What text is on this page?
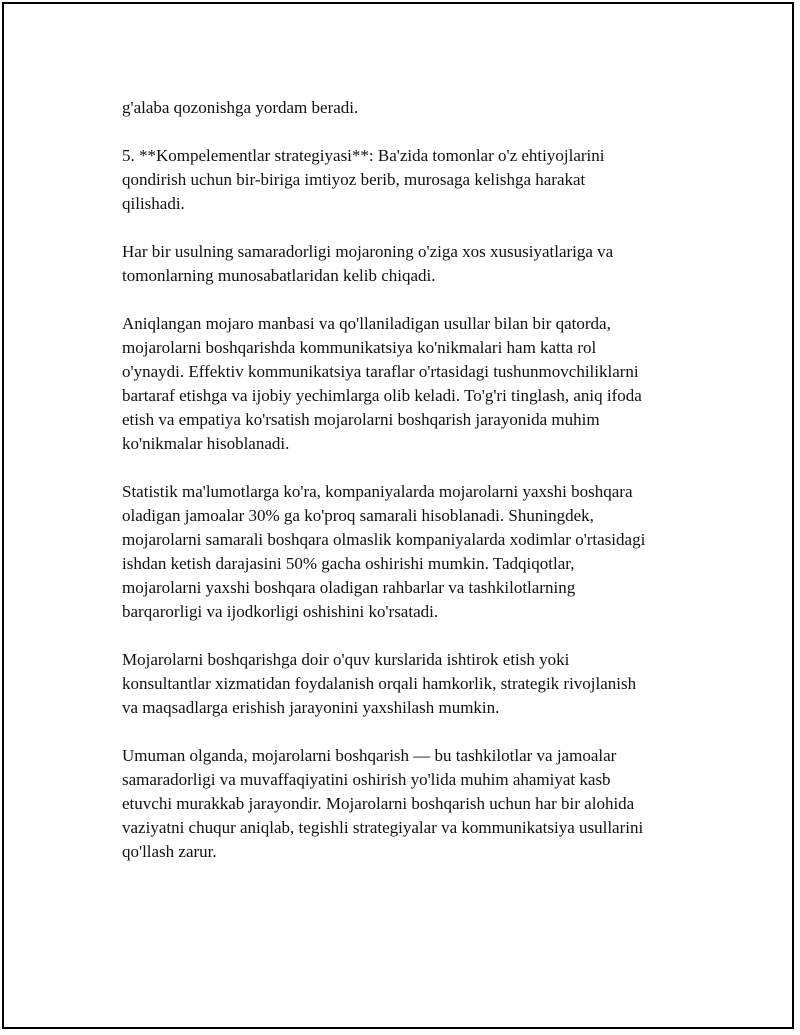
g'alaba qozonishga yordam beradi.

5. **Kompelementlar strategiyasi**: Ba'zida tomonlar o'z ehtiyojlarini
qondirish uchun bir-biriga imtiyoz berib, murosaga kelishga harakat
qilishadi.

Har bir usulning samaradorligi mojaroning o'ziga xos xususiyatlariga va
tomonlarning munosabatlaridan kelib chiqadi.

Aniqlangan mojaro manbasi va qo'llaniladigan usullar bilan bir qatorda,
mojarolarni boshqarishda kommunikatsiya ko'nikmalari ham katta rol
o'ynaydi. Effektiv kommunikatsiya taraflar o'rtasidagi tushunmovchiliklarni
bartaraf etishga va ijobiy yechimlarga olib keladi. To'g'ri tinglash, aniq ifoda
etish va empatiya ko'rsatish mojarolarni boshqarish jarayonida muhim
ko'nikmalar hisoblanadi.

Statistik ma'lumotlarga ko'ra, kompaniyalarda mojarolarni yaxshi boshqara
oladigan jamoalar 30% ga ko'proq samarali hisoblanadi. Shuningdek,
mojarolarni samarali boshqara olmaslik kompaniyalarda xodimlar o'rtasidagi
ishdan ketish darajasini 50% gacha oshirishi mumkin. Tadqiqotlar,
mojarolarni yaxshi boshqara oladigan rahbarlar va tashkilotlarning
barqarorligi va ijodkorligi oshishini ko'rsatadi.

Mojarolarni boshqarishga doir o'quv kurslarida ishtirok etish yoki
konsultantlar xizmatidan foydalanish orqali hamkorlik, strategik rivojlanish
va maqsadlarga erishish jarayonini yaxshilash mumkin.

Umuman olganda, mojarolarni boshqarish — bu tashkilotlar va jamoalar
samaradorligi va muvaffaqiyatini oshirish yo'lida muhim ahamiyat kasb
etuvchi murakkab jarayondir. Mojarolarni boshqarish uchun har bir alohida
vaziyatni chuqur aniqlab, tegishli strategiyalar va kommunikatsiya usullarini
qo'llash zarur.
